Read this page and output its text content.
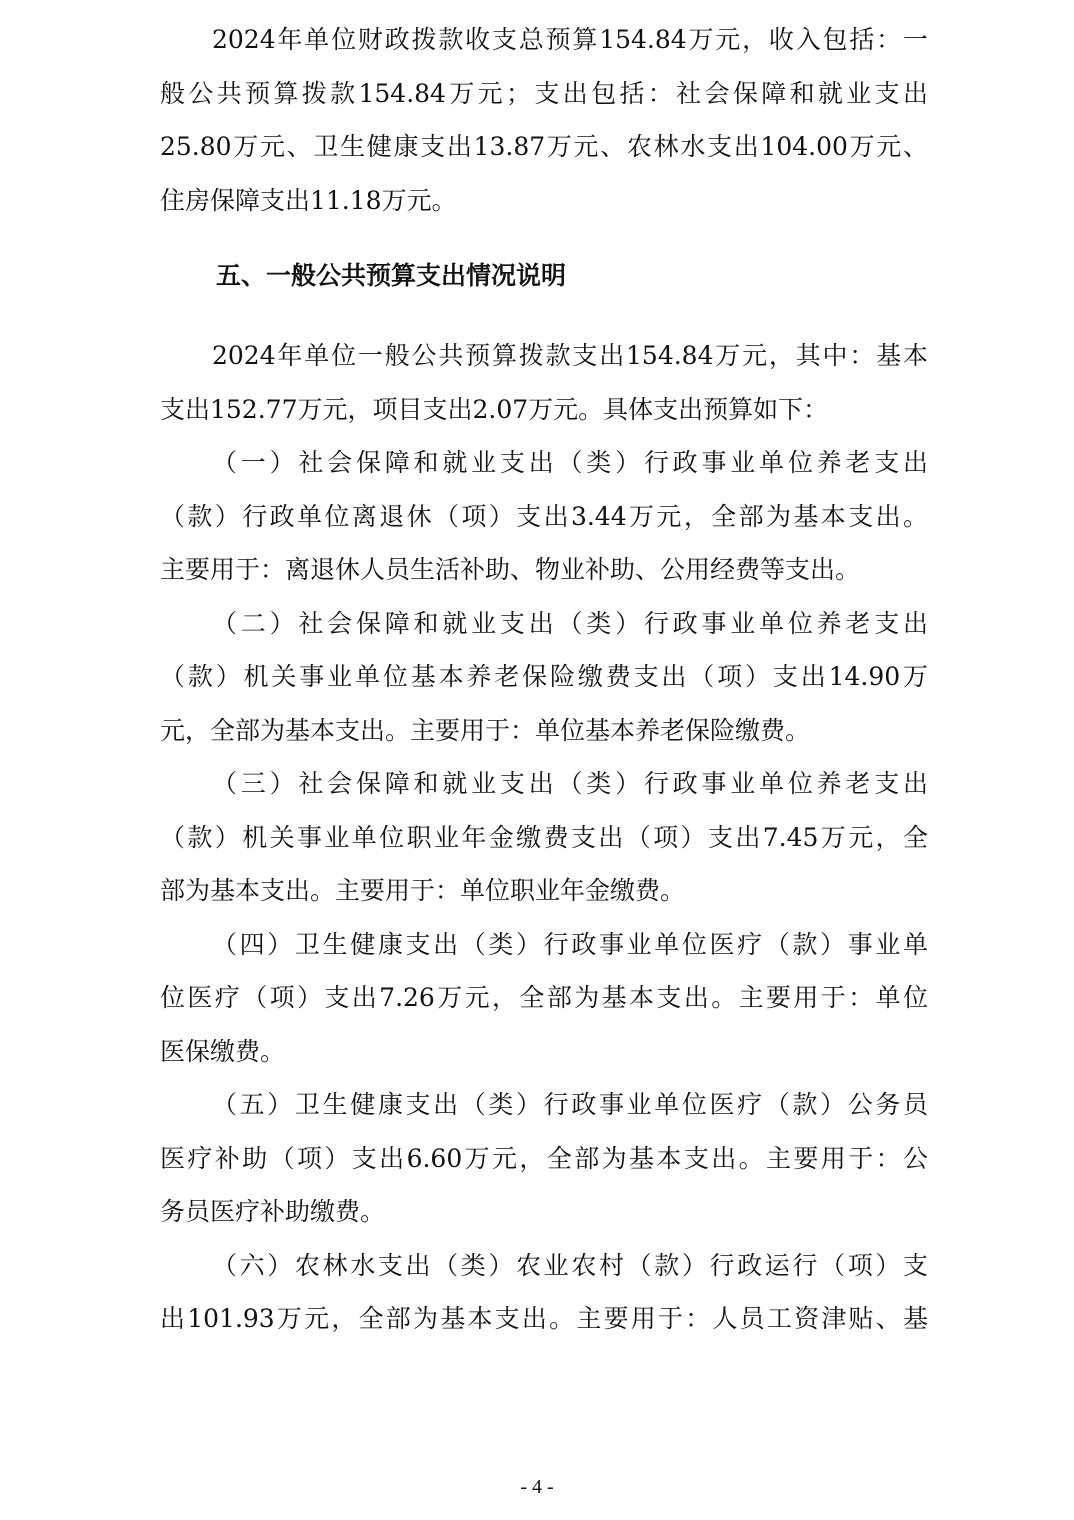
2024年单位财政拨款收支总预算154.84万元，收入包括：一
般公共预算拨款154.84万元；支出包括：社会保障和就业支出
25.80万元、卫生健康支出13.87万元、农林水支出104.00万元、
住房保障支出11.18万元。
五、一般公共预算支出情况说明
2024年单位一般公共预算拨款支出154.84万元，其中：基本
支出152.77万元，项目支出2.07万元。具体支出预算如下：
（一）社会保障和就业支出（类）行政事业单位养老支出
（款）行政单位离退休（项）支出3.44万元，全部为基本支出。
主要用于：离退休人员生活补助、物业补助、公用经费等支出。
（二）社会保障和就业支出（类）行政事业单位养老支出
（款）机关事业单位基本养老保险缴费支出（项）支出14.90万
元，全部为基本支出。主要用于：单位基本养老保险缴费。
（三）社会保障和就业支出（类）行政事业单位养老支出
（款）机关事业单位职业年金缴费支出（项）支出7.45万元，全
部为基本支出。主要用于：单位职业年金缴费。
（四）卫生健康支出（类）行政事业单位医疗（款）事业单
位医疗（项）支出7.26万元，全部为基本支出。主要用于：单位
医保缴费。
（五）卫生健康支出（类）行政事业单位医疗（款）公务员
医疗补助（项）支出6.60万元，全部为基本支出。主要用于：公
务员医疗补助缴费。
（六）农林水支出（类）农业农村（款）行政运行（项）支
出101.93万元，全部为基本支出。主要用于：人员工资津贴、基
- 4 -
